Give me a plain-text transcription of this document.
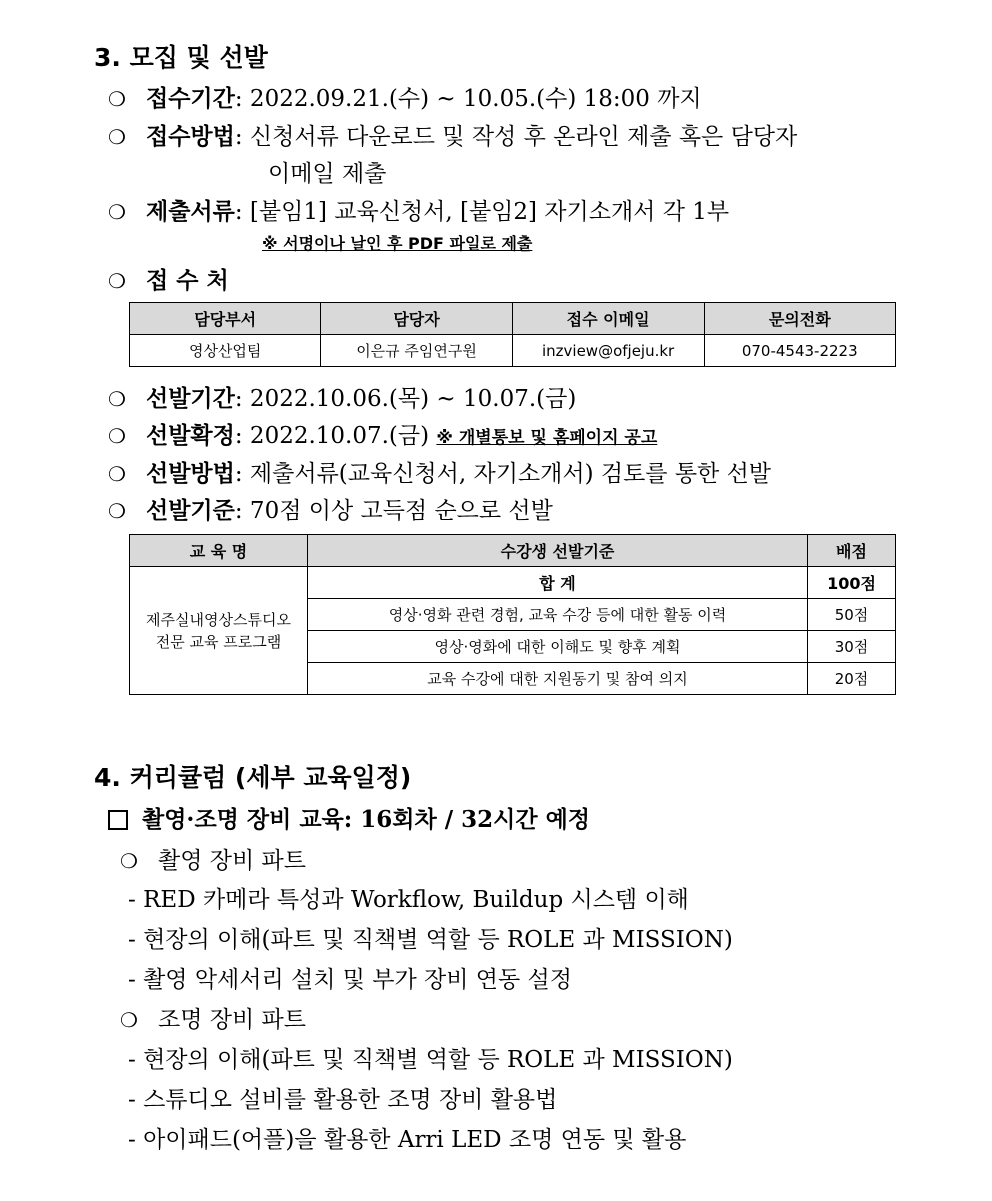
3. 모집 및 선발
❍ 접수기간: 2022.09.21.(수) ~ 10.05.(수) 18:00 까지
❍ 접수방법: 신청서류 다운로드 및 작성 후 온라인 제출 혹은 담당자
이메일 제출
❍ 제출서류: [붙임1] 교육신청서, [붙임2] 자기소개서 각 1부
※ 서명이나 날인 후 PDF 파일로 제출
❍ 접 수 처
담당부서	담당자	접수 이메일	문의전화
영상산업팀	이은규 주임연구원	inzview@ofjeju.kr	070-4543-2223
❍ 선발기간: 2022.10.06.(목) ~ 10.07.(금)
❍ 선발확정: 2022.10.07.(금) ※ 개별통보 및 홈페이지 공고
❍ 선발방법: 제출서류(교육신청서, 자기소개서) 검토를 통한 선발
❍ 선발기준: 70점 이상 고득점 순으로 선발
교 육 명	수강생 선발기준	배점

제주실내영상스튜디오
전문 교육 프로그램	합 계	100점
	영상·영화 관련 경험, 교육 수강 등에 대한 활동 이력	50점
	영상·영화에 대한 이해도 및 향후 계획	30점
	교육 수강에 대한 지원동기 및 참여 의지	20점
4. 커리큘럼 (세부 교육일정)
촬영·조명 장비 교육: 16회차 / 32시간 예정
❍ 촬영 장비 파트
- RED 카메라 특성과 Workflow, Buildup 시스템 이해
- 현장의 이해(파트 및 직책별 역할 등 ROLE 과 MISSION)
- 촬영 악세서리 설치 및 부가 장비 연동 설정
❍ 조명 장비 파트
- 현장의 이해(파트 및 직책별 역할 등 ROLE 과 MISSION)
- 스튜디오 설비를 활용한 조명 장비 활용법
- 아이패드(어플)을 활용한 Arri LED 조명 연동 및 활용
